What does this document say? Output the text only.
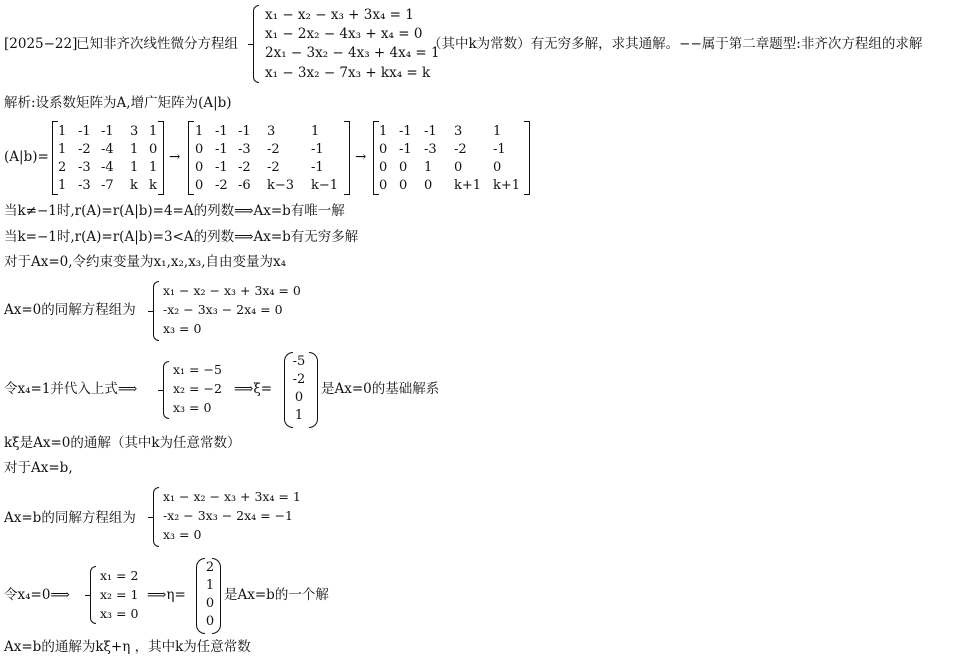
[2025−22]
已知非齐次线性微分方程组
x₁ − x₂ − x₃ + 3x₄ = 1
x₁ − 2x₂ − 4x₃ + x₄ = 0
2x₁ − 3x₂ − 4x₃ + 4x₄ = 1
x₁ − 3x₂ − 7x₃ + kx₄ = k
（其中k为常数）有无穷多解，求其通解。−−属于第二章题型:非齐次方程组的求解
解析:设系数矩阵为A,增广矩阵为(A|b)
(A|b)=
1 -1 -1 3 1
1 -2 -4 1 0
2 -3 -4 1 1
1 -3 -7 k k
→
1 -1 -1 3	1
0 -1 -3 -2 -1
0 -1 -2 -2 -1
0 -2 -6 k−3 k−1
→
1 -1 -1 3 1
0 -1 -3 -2 -1
0 0 1 0 0
0 0 0 k+1 k+1
当k≠−1时,r(A)=r(A|b)=4=A的列数⟹Ax=b有唯一解
当k=−1时,r(A)=r(A|b)=3<A的列数⟹Ax=b有无穷多解
对于Ax=0,令约束变量为x₁,x₂,x₃,自由变量为x₄
Ax=0的同解方程组为
x₁ − x₂ − x₃ + 3x₄ = 0
-x₂ − 3x₃ − 2x₄ = 0
x₃ = 0
令x₄=1并代入上式⟹
x₁ = −5
x₂ = −2
x₃ = 0
⟹ξ=
-5
-2
0
1
是Ax=0的基础解系
kξ是Ax=0的通解（其中k为任意常数）
对于Ax=b,
Ax=b的同解方程组为
x₁ − x₂ − x₃ + 3x₄ = 1
-x₂ − 3x₃ − 2x₄ = −1
x₃ = 0
令x₄=0⟹
x₁ = 2
x₂ = 1
x₃ = 0
⟹η=
2
1
0
0
是Ax=b的一个解
Ax=b的通解为kξ+η ，其中k为任意常数
